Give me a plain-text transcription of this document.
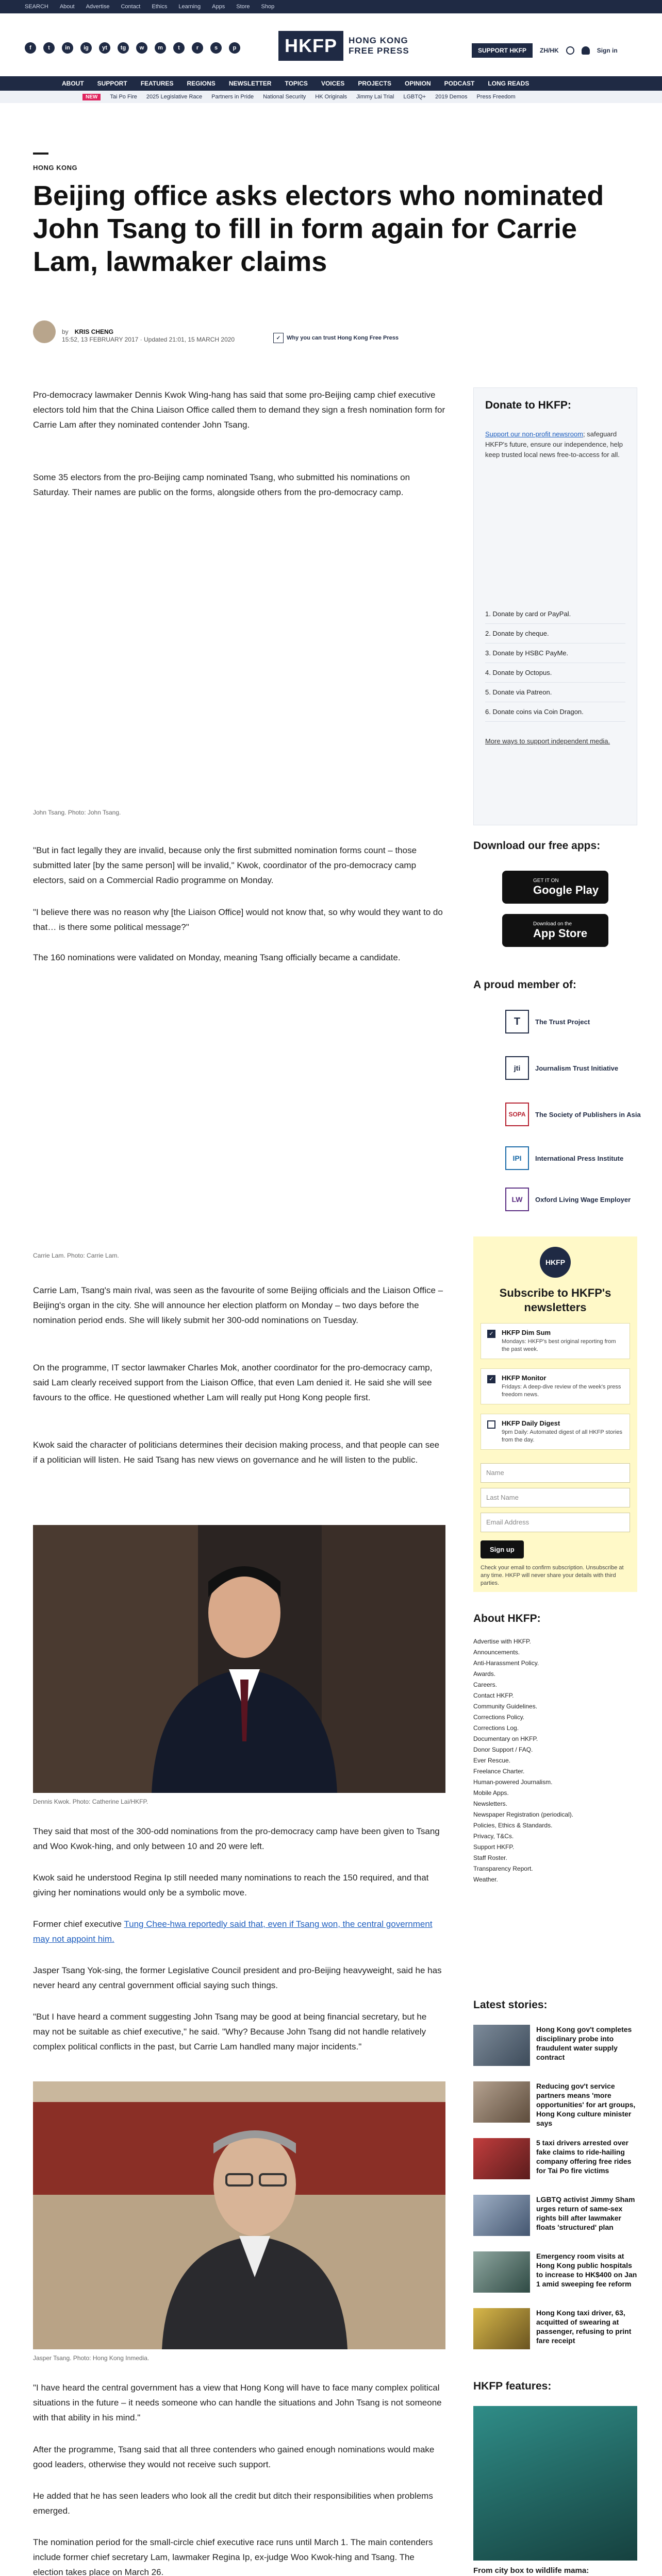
SEARCH About Advertise Contact Ethics Learning Apps Store Shop
f	t	in	ig	yt	tg	w	m	t	r	s	p	HKFP	HONG KONG
FREE PRESS	SUPPORT HKFP	ZH/HK	Sign in
ABOUT SUPPORT FEATURES REGIONS NEWSLETTER TOPICS VOICES PROJECTS OPINION PODCAST LONG READS
NEW	Tai Po Fire 2025 Legislative Race Partners in Pride National Security HK Originals Jimmy Lai Trial LGBTQ+ 2019 Demos Press Freedom
HONG KONG
Beijing office asks electors who nominated John Tsang to fill in form again for Carrie Lam, lawmaker claims
by KRIS CHENG
15:52, 13 FEBRUARY 2017 · Updated 21:01, 15 MARCH 2020	✓	Why you can trust Hong Kong Free Press

Pro-democracy lawmaker Dennis Kwok Wing-hang has said that some pro-Beijing camp chief executive electors told him that the China Liaison Office called them to demand they sign a fresh nomination form for Carrie Lam after they nominated contender John Tsang.

Some 35 electors from the pro-Beijing camp nominated Tsang, who submitted his nominations on Saturday. Their names are public on the forms, alongside others from the pro-democracy camp.

John Tsang. Photo: John Tsang.

"But in fact legally they are invalid, because only the first submitted nomination forms count – those submitted later [by the same person] will be invalid," Kwok, coordinator of the pro-democracy camp electors, said on a Commercial Radio programme on Monday.

"I believe there was no reason why [the Liaison Office] would not know that, so why would they want to do that… is there some political message?"

The 160 nominations were validated on Monday, meaning Tsang officially became a candidate.

Carrie Lam. Photo: Carrie Lam.

Carrie Lam, Tsang's main rival, was seen as the favourite of some Beijing officials and the Liaison Office – Beijing's organ in the city. She will announce her election platform on Monday – two days before the nomination period ends. She will likely submit her 300-odd nominations on Tuesday.

On the programme, IT sector lawmaker Charles Mok, another coordinator for the pro-democracy camp, said Lam clearly received support from the Liaison Office, that even Lam denied it. He said she will see favours to the office. He questioned whether Lam will really put Hong Kong people first.

Kwok said the character of politicians determines their decision making process, and that people can see if a politician will listen. He said Tsang has new views on governance and he will listen to the public.

Dennis Kwok. Photo: Catherine Lai/HKFP.

They said that most of the 300-odd nominations from the pro-democracy camp have been given to Tsang and Woo Kwok-hing, and only between 10 and 20 were left.

Kwok said he understood Regina Ip still needed many nominations to reach the 150 required, and that giving her nominations would only be a symbolic move.

Former chief executive Tung Chee-hwa reportedly said that, even if Tsang won, the central government may not appoint him.

Jasper Tsang Yok-sing, the former Legislative Council president and pro-Beijing heavyweight, said he has never heard any central government official saying such things.

"But I have heard a comment suggesting John Tsang may be good at being financial secretary, but he may not be suitable as chief executive," he said. "Why? Because John Tsang did not handle relatively complex political conflicts in the past, but Carrie Lam handled many major incidents."

Jasper Tsang. Photo: Hong Kong Inmedia.

"I have heard the central government has a view that Hong Kong will have to face many complex political situations in the future – it needs someone who can handle the situations and John Tsang is not someone with that ability in his mind."

After the programme, Tsang said that all three contenders who gained enough nominations would make good leaders, otherwise they would not receive such support.

He added that he has seen leaders who look all the credit but ditch their responsibilities when problems emerged.

The nomination period for the small-circle chief executive race runs until March 1. The main contenders include former chief secretary Lam, lawmaker Regina Ip, ex-judge Woo Kwok-hing and Tsang. The election takes place on March 26.

Donate to HKFP:

Support our non-profit newsroom; safeguard HKFP's future, ensure our independence, help keep trusted local news free-to-access for all.

1. Donate by card or PayPal.
2. Donate by cheque.
3. Donate by HSBC PayMe.
4. Donate by Octopus.
5. Donate via Patreon.
6. Donate coins via Coin Dragon.

More ways to support independent media.

Download our free apps:
GET IT ON
Google Play
Download on the
App Store
A proud member of:
T	The Trust Project
jti	Journalism Trust Initiative
SOPA	The Society of Publishers in Asia
IPI	International Press Institute
LW	Oxford Living Wage Employer
HKFP
Subscribe to HKFP's newsletters
✓ HKFP Dim Sum
Mondays: HKFP's best original reporting from the past week.
✓ HKFP Monitor
Fridays: A deep-dive review of the week's press freedom news.
HKFP Daily Digest
9pm Daily: Automated digest of all HKFP stories from the day.
Name
Last Name
Email Address
Sign up

Check your email to confirm subscription. Unsubscribe at any time. HKFP will never share your details with third parties.

About HKFP:
Advertise with HKFP.
Announcements.
Anti-Harassment Policy.
Awards.
Careers.
Contact HKFP.
Community Guidelines.
Corrections Policy.
Corrections Log.
Documentary on HKFP.
Donor Support / FAQ.
Ever Rescue.
Freelance Charter.
Human-powered Journalism.
Mobile Apps.
Newsletters.
Newspaper Registration (periodical).
Policies, Ethics & Standards.
Privacy, T&Cs.
Support HKFP.
Staff Roster.
Transparency Report.
Weather.
Latest stories:
Hong Kong gov't completes disciplinary probe into fraudulent water supply contract
Reducing gov't service partners means 'more opportunities' for art groups, Hong Kong culture minister says
5 taxi drivers arrested over fake claims to ride-hailing company offering free rides for Tai Po fire victims
LGBTQ activist Jimmy Sham urges return of same-sex rights bill after lawmaker floats 'structured' plan
Emergency room visits at Hong Kong public hospitals to increase to HK$400 on Jan 1 amid sweeping fee reform
Hong Kong taxi driver, 63, acquitted of swearing at passenger, refusing to print fare receipt
HKFP features:
From city box to wildlife mama:
